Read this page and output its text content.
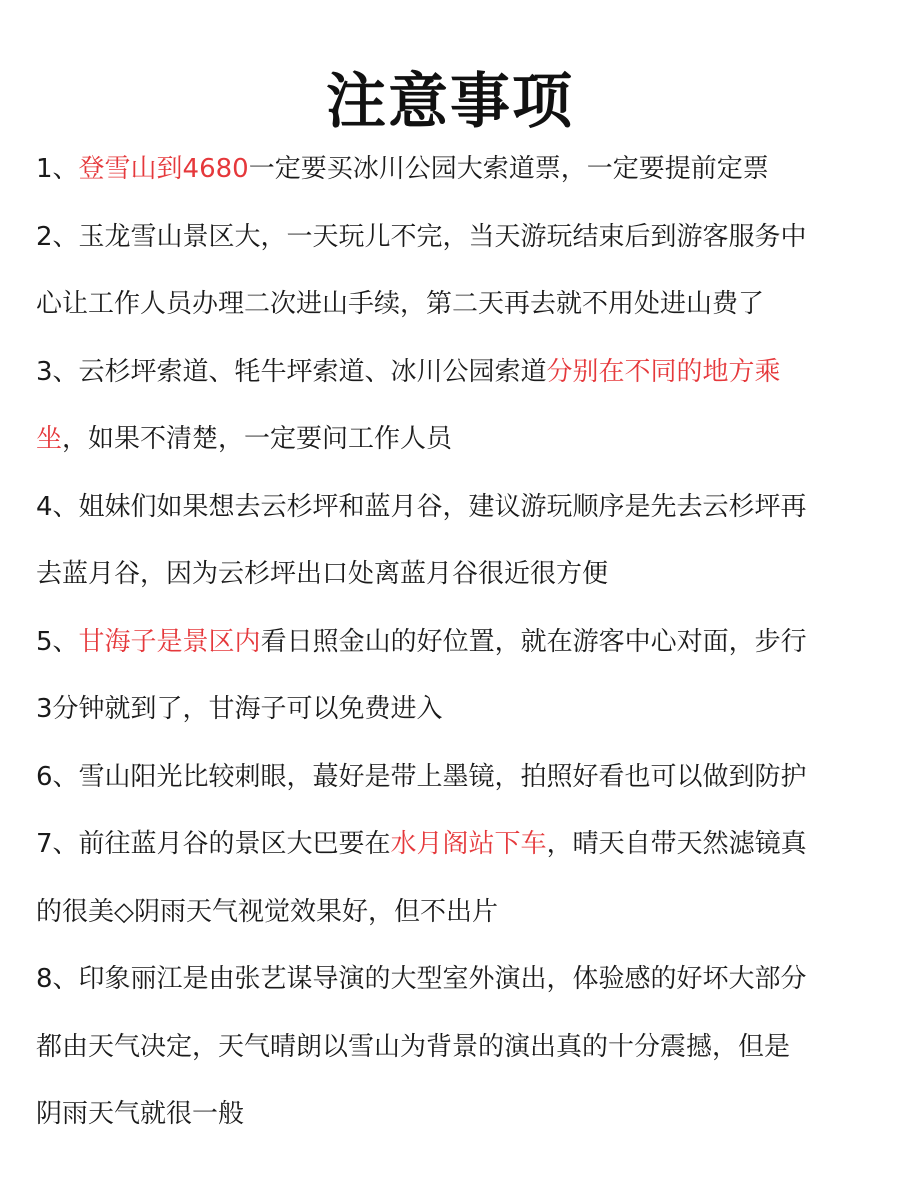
注意事项

1、登雪山到4680一定要买冰川公园大索道票，一定要提前定票

2、玉龙雪山景区大，一天玩儿不完，当天游玩结束后到游客服务中

心让工作人员办理二次进山手续，第二天再去就不用处进山费了

3、云杉坪索道、牦牛坪索道、冰川公园索道分别在不同的地方乘

坐，如果不清楚，一定要问工作人员

4、姐妹们如果想去云杉坪和蓝月谷，建议游玩顺序是先去云杉坪再

去蓝月谷，因为云杉坪出口处离蓝月谷很近很方便

5、甘海子是景区内看日照金山的好位置，就在游客中心对面，步行

3分钟就到了，甘海子可以免费进入

6、雪山阳光比较刺眼，蕞好是带上墨镜，拍照好看也可以做到防护

7、前往蓝月谷的景区大巴要在水月阁站下车，晴天自带天然滤镜真

的很美◇阴雨天气视觉效果好，但不出片

8、印象丽江是由张艺谋导演的大型室外演出，体验感的好坏大部分

都由天气决定，天气晴朗以雪山为背景的演出真的十分震撼，但是

阴雨天气就很一般
